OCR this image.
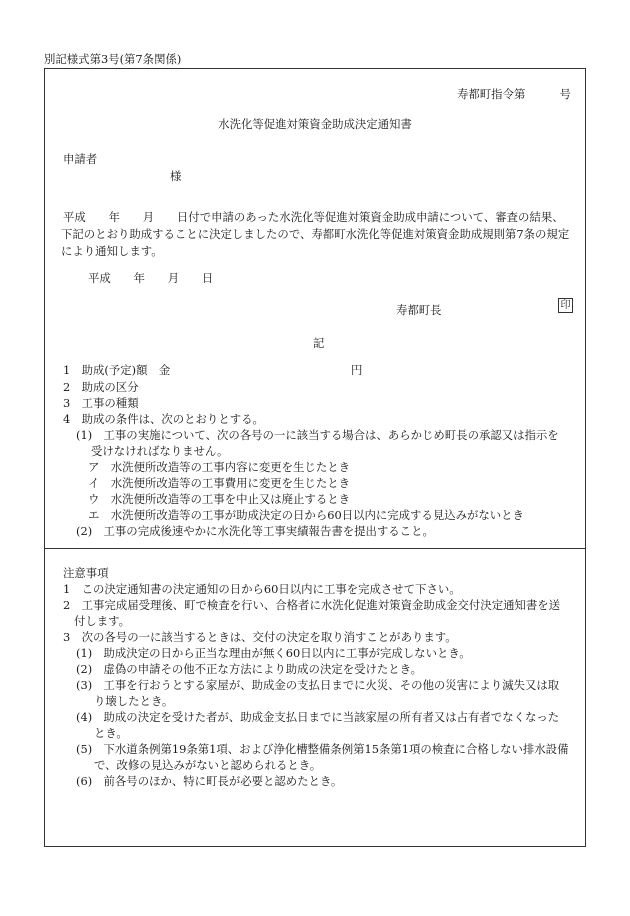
別記様式第3号(第7条関係)
寿都町指令第　　　号
水洗化等促進対策資金助成決定通知書
申請者
様
平成　　年　　月　　日付で申請のあった水洗化等促進対策資金助成申請について、審査の結果、
下記のとおり助成することに決定しましたので、寿都町水洗化等促進対策資金助成規則第7条の規定
により通知します。
平成　　年　　月　　日
寿都町長	印
記
1　助成(予定)額　金	円
2　助成の区分
3　工事の種類
4　助成の条件は、次のとおりとする。
(1)　工事の実施について、次の各号の一に該当する場合は、あらかじめ町長の承認又は指示を
受けなければなりません。
ア　水洗便所改造等の工事内容に変更を生じたとき
イ　水洗便所改造等の工事費用に変更を生じたとき
ウ　水洗便所改造等の工事を中止又は廃止するとき
エ　水洗便所改造等の工事が助成決定の日から60日以内に完成する見込みがないとき
(2)　工事の完成後速やかに水洗化等工事実績報告書を提出すること。
注意事項
1　この決定通知書の決定通知の日から60日以内に工事を完成させて下さい。
2　工事完成届受理後、町で検査を行い、合格者に水洗化促進対策資金助成金交付決定通知書を送
付します。
3　次の各号の一に該当するときは、交付の決定を取り消すことがあります。
(1)　助成決定の日から正当な理由が無く60日以内に工事が完成しないとき。
(2)　虚偽の申請その他不正な方法により助成の決定を受けたとき。
(3)　工事を行おうとする家屋が、助成金の支払日までに火災、その他の災害により滅失又は取
り壊したとき。
(4)　助成の決定を受けた者が、助成金支払日までに当該家屋の所有者又は占有者でなくなった
とき。
(5)　下水道条例第19条第1項、および浄化槽整備条例第15条第1項の検査に合格しない排水設備
で、改修の見込みがないと認められるとき。
(6)　前各号のほか、特に町長が必要と認めたとき。
